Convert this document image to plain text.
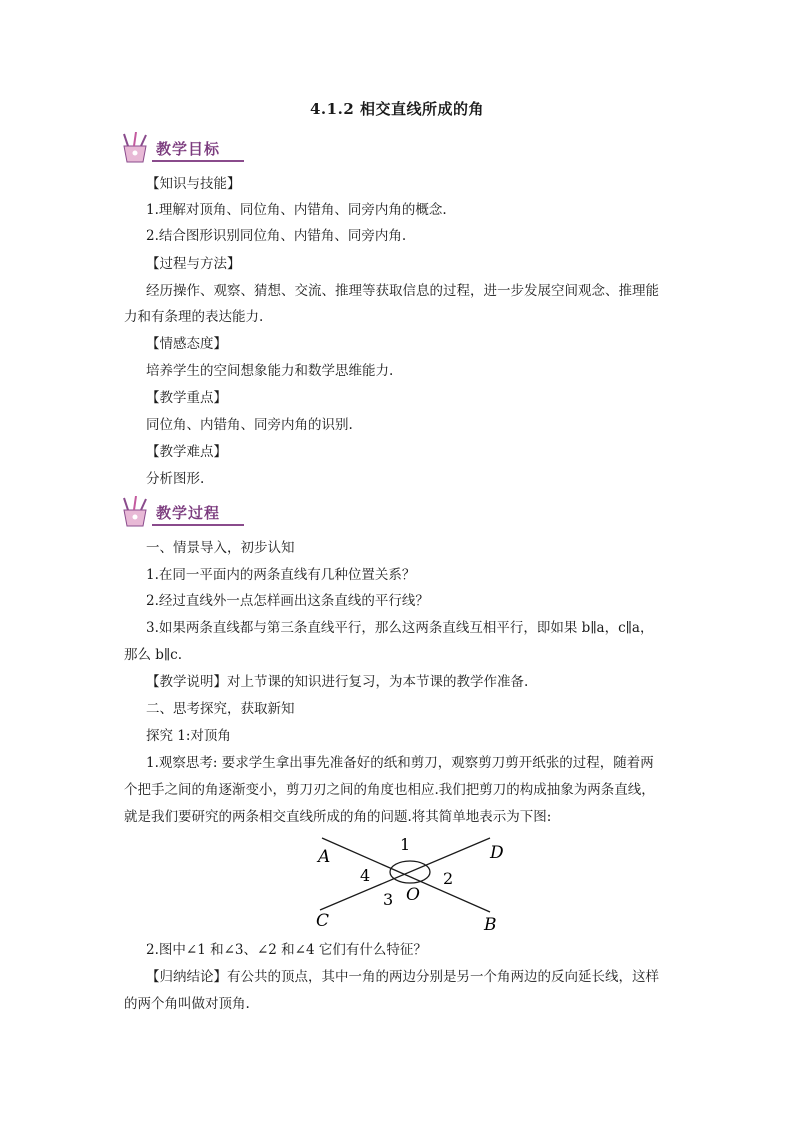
4.1.2 相交直线所成的角
教学目标
【知识与技能】
1.理解对顶角、同位角、内错角、同旁内角的概念.
2.结合图形识别同位角、内错角、同旁内角.
【过程与方法】
经历操作、观察、猜想、交流、推理等获取信息的过程，进一步发展空间观念、推理能
力和有条理的表达能力.
【情感态度】
培养学生的空间想象能力和数学思维能力.
【教学重点】
同位角、内错角、同旁内角的识别.
【教学难点】
分析图形.
教学过程
一、情景导入，初步认知
1.在同一平面内的两条直线有几种位置关系？
2.经过直线外一点怎样画出这条直线的平行线？
3.如果两条直线都与第三条直线平行，那么这两条直线互相平行，即如果 b∥a，c∥a，
那么 b∥c.
【教学说明】对上节课的知识进行复习，为本节课的教学作准备.
二、思考探究，获取新知
探究 1:对顶角
1.观察思考: 要求学生拿出事先准备好的纸和剪刀，观察剪刀剪开纸张的过程，随着两
个把手之间的角逐渐变小，剪刀刃之间的角度也相应.我们把剪刀的构成抽象为两条直线，
就是我们要研究的两条相交直线所成的角的问题.将其简单地表示为下图:
A
B
C
D
O
1
2
3
4
2.图中∠1 和∠3、∠2 和∠4 它们有什么特征？
【归纳结论】有公共的顶点，其中一角的两边分别是另一个角两边的反向延长线，这样
的两个角叫做对顶角.
